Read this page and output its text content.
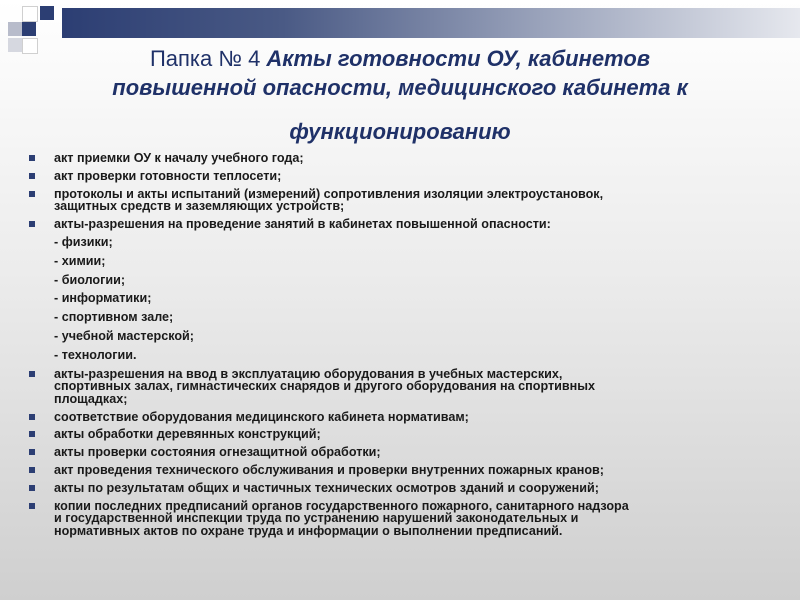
Папка № 4 Акты готовности ОУ, кабинетов
повышенной опасности, медицинского кабинета к
функционированию
акт приемки ОУ к началу учебного года;
акт проверки готовности теплосети;
протоколы и акты испытаний (измерений) сопротивления изоляции электроустановок,
защитных средств и заземляющих устройств;
акты-разрешения на проведение занятий в кабинетах повышенной опасности:
- физики;
- химии;
- биологии;
- информатики;
- спортивном зале;
- учебной мастерской;
- технологии.
акты-разрешения на ввод в эксплуатацию оборудования в учебных мастерских,
спортивных залах, гимнастических снарядов и другого оборудования на спортивных
площадках;
соответствие оборудования медицинского кабинета нормативам;
акты обработки деревянных конструкций;
акты проверки состояния огнезащитной обработки;
акт проведения технического обслуживания и проверки внутренних пожарных кранов;
акты по результатам общих и частичных технических осмотров зданий и сооружений;
копии последних предписаний органов государственного пожарного, санитарного надзора
и государственной инспекции труда по устранению нарушений законодательных и
нормативных актов по охране труда и информации о выполнении предписаний.
